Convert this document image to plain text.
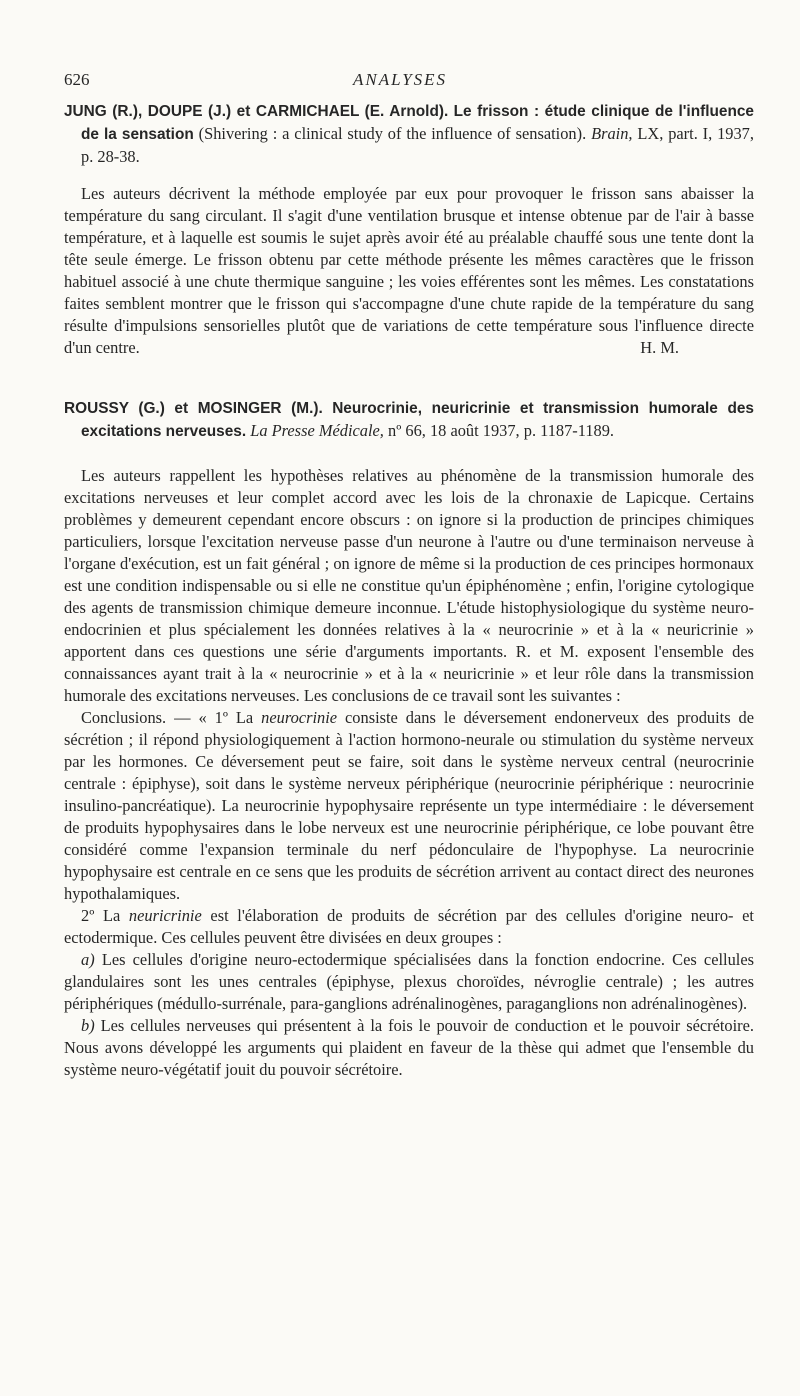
626	ANALYSES

JUNG (R.), DOUPE (J.) et CARMICHAEL (E. Arnold). Le frisson : étude clinique de l'influence de la sensation (Shivering : a clinical study of the influence of sensation). Brain, LX, part. I, 1937, p. 28-38.

Les auteurs décrivent la méthode employée par eux pour provoquer le frisson sans abaisser la température du sang circulant. Il s'agit d'une ventilation brusque et intense obtenue par de l'air à basse température, et à laquelle est soumis le sujet après avoir été au préalable chauffé sous une tente dont la tête seule émerge. Le frisson obtenu par cette méthode présente les mêmes caractères que le frisson habituel associé à une chute thermique sanguine ; les voies efférentes sont les mêmes. Les constatations faites semblent montrer que le frisson qui s'accompagne d'une chute rapide de la température du sang résulte d'impulsions sensorielles plutôt que de variations de cette température sous l'influence directe d'un centre.	H. M.

ROUSSY (G.) et MOSINGER (M.). Neurocrinie, neuricrinie et transmission humorale des excitations nerveuses. La Presse Médicale, nº 66, 18 août 1937, p. 1187-1189.

Les auteurs rappellent les hypothèses relatives au phénomène de la transmission humorale des excitations nerveuses et leur complet accord avec les lois de la chronaxie de Lapicque. Certains problèmes y demeurent cependant encore obscurs : on ignore si la production de principes chimiques particuliers, lorsque l'excitation nerveuse passe d'un neurone à l'autre ou d'une terminaison nerveuse à l'organe d'exécution, est un fait général ; on ignore de même si la production de ces principes hormonaux est une condition indispensable ou si elle ne constitue qu'un épiphénomène ; enfin, l'origine cytologique des agents de transmission chimique demeure inconnue. L'étude histophysiologique du système neuro-endocrinien et plus spécialement les données relatives à la « neurocrinie » et à la « neuricrinie » apportent dans ces questions une série d'arguments importants. R. et M. exposent l'ensemble des connaissances ayant trait à la « neurocrinie » et à la « neuricrinie » et leur rôle dans la transmission humorale des excitations nerveuses. Les conclusions de ce travail sont les suivantes :

Conclusions. — « 1º La neurocrinie consiste dans le déversement endonerveux des produits de sécrétion ; il répond physiologiquement à l'action hormono-neurale ou stimulation du système nerveux par les hormones. Ce déversement peut se faire, soit dans le système nerveux central (neurocrinie centrale : épiphyse), soit dans le système nerveux périphérique (neurocrinie périphérique : neurocrinie insulino-pancréatique). La neurocrinie hypophysaire représente un type intermédiaire : le déversement de produits hypophysaires dans le lobe nerveux est une neurocrinie périphérique, ce lobe pouvant être considéré comme l'expansion terminale du nerf pédonculaire de l'hypophyse. La neurocrinie hypophysaire est centrale en ce sens que les produits de sécrétion arrivent au contact direct des neurones hypothalamiques.

2º La neuricrinie est l'élaboration de produits de sécrétion par des cellules d'origine neuro- et ectodermique. Ces cellules peuvent être divisées en deux groupes :

a) Les cellules d'origine neuro-ectodermique spécialisées dans la fonction endocrine. Ces cellules glandulaires sont les unes centrales (épiphyse, plexus choroïdes, névroglie centrale) ; les autres périphériques (médullo-surrénale, para-ganglions adrénalinogènes, paraganglions non adrénalinogènes).

b) Les cellules nerveuses qui présentent à la fois le pouvoir de conduction et le pouvoir sécrétoire. Nous avons développé les arguments qui plaident en faveur de la thèse qui admet que l'ensemble du système neuro-végétatif jouit du pouvoir sécrétoire.
